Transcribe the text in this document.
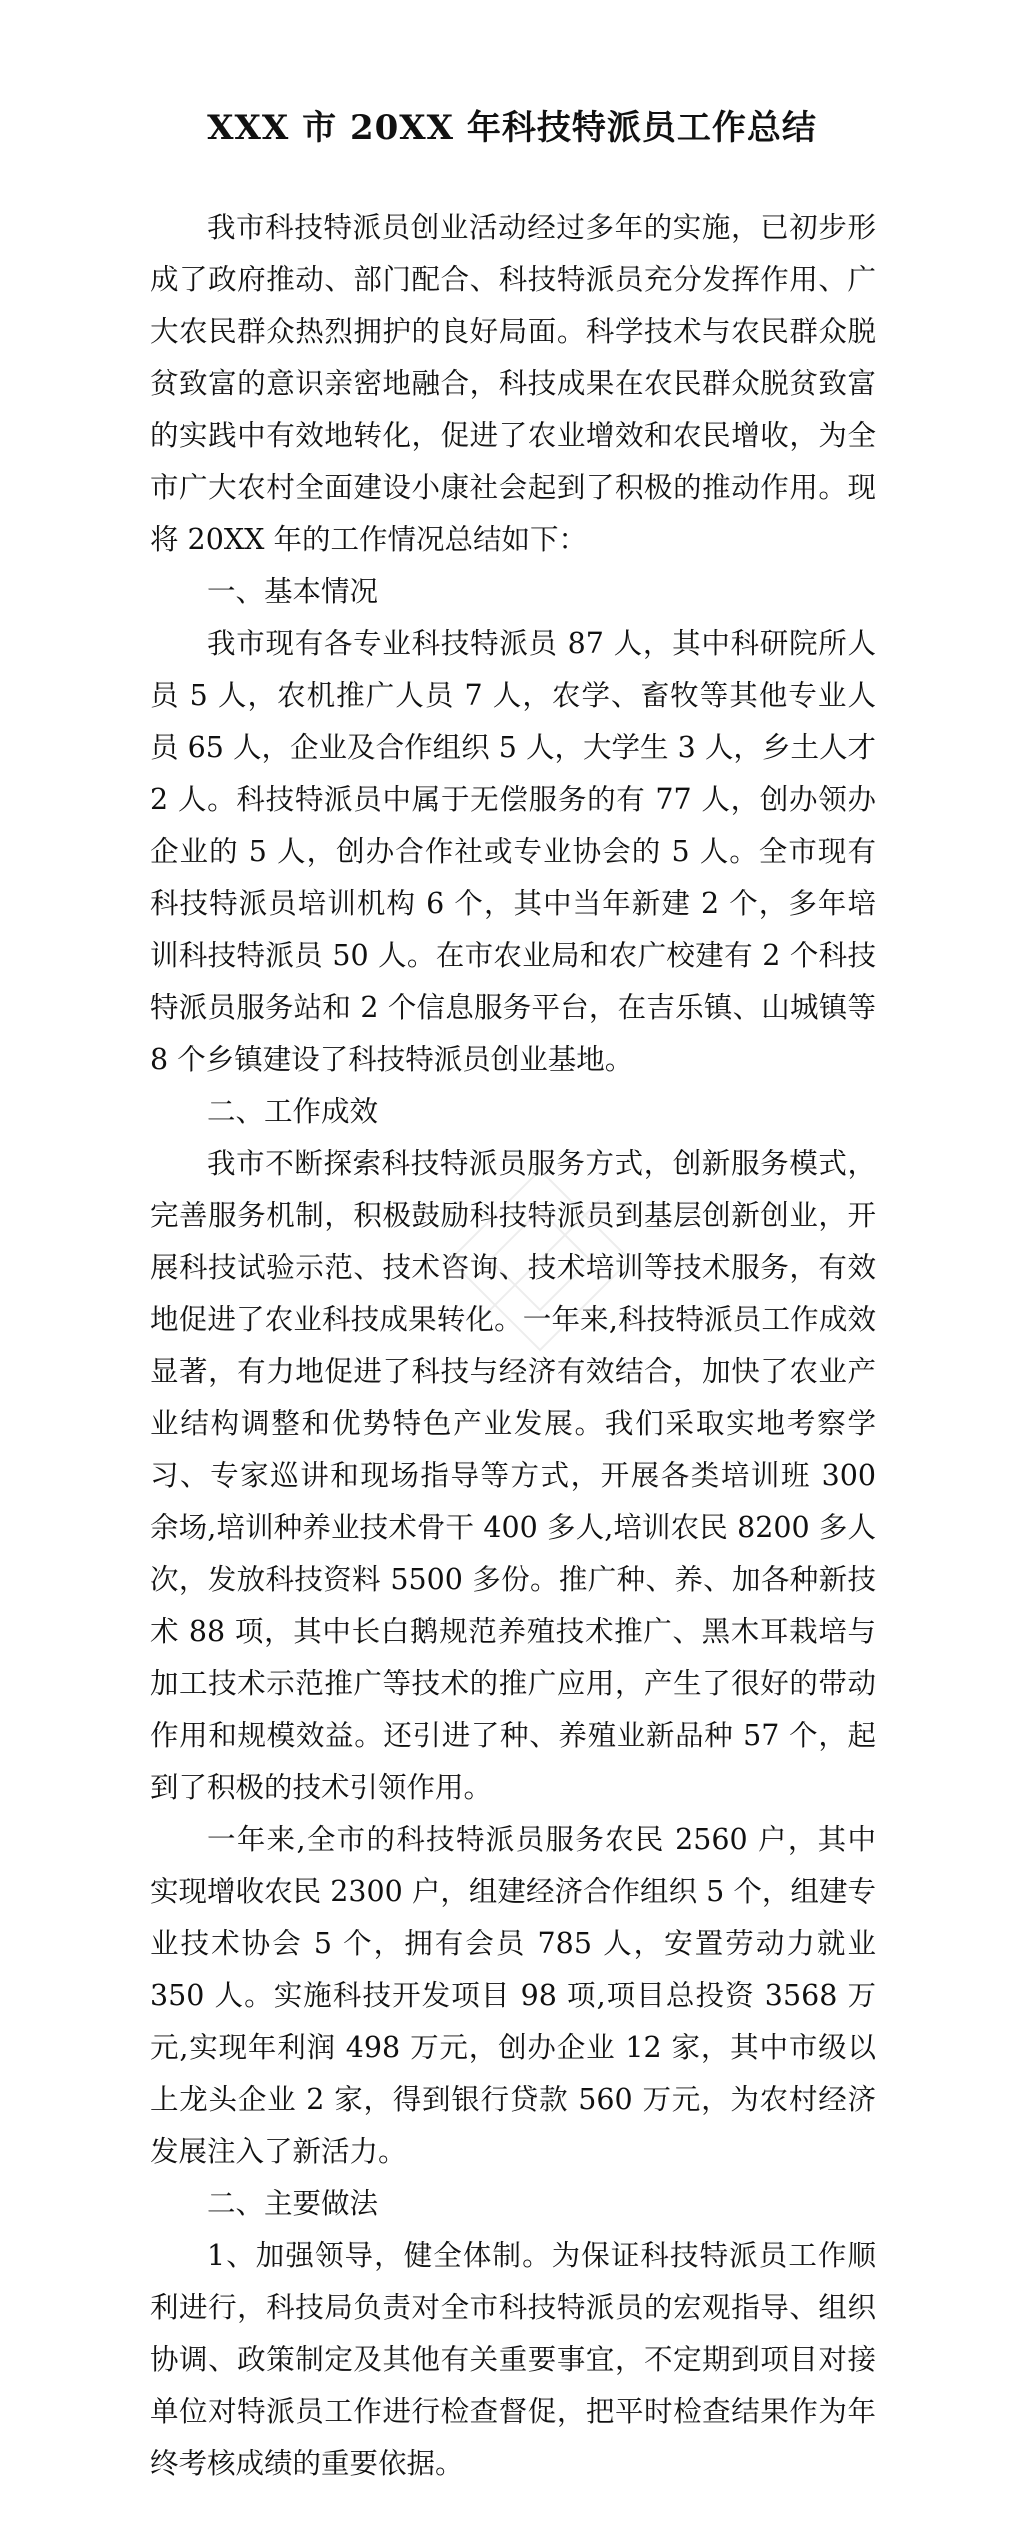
XXX 市 20XX 年科技特派员工作总结

我市科技特派员创业活动经过多年的实施，已初步形成了政府推动、部门配合、科技特派员充分发挥作用、广大农民群众热烈拥护的良好局面。科学技术与农民群众脱贫致富的意识亲密地融合，科技成果在农民群众脱贫致富的实践中有效地转化，促进了农业增效和农民增收，为全市广大农村全面建设小康社会起到了积极的推动作用。现将 20XX 年的工作情况总结如下：

一、基本情况

我市现有各专业科技特派员 87 人，其中科研院所人员 5 人，农机推广人员 7 人，农学、畜牧等其他专业人员 65 人，企业及合作组织 5 人，大学生 3 人，乡土人才 2 人。科技特派员中属于无偿服务的有 77 人，创办领办企业的 5 人，创办合作社或专业协会的 5 人。全市现有科技特派员培训机构 6 个，其中当年新建 2 个，多年培训科技特派员 50 人。在市农业局和农广校建有 2 个科技特派员服务站和 2 个信息服务平台，在吉乐镇、山城镇等 8 个乡镇建设了科技特派员创业基地。

二、工作成效

我市不断探索科技特派员服务方式，创新服务模式，完善服务机制，积极鼓励科技特派员到基层创新创业，开展科技试验示范、技术咨询、技术培训等技术服务，有效地促进了农业科技成果转化。一年来,科技特派员工作成效显著，有力地促进了科技与经济有效结合，加快了农业产业结构调整和优势特色产业发展。我们采取实地考察学习、专家巡讲和现场指导等方式，开展各类培训班 300 余场,培训种养业技术骨干 400 多人,培训农民 8200 多人次，发放科技资料 5500 多份。推广种、养、加各种新技术 88 项，其中长白鹅规范养殖技术推广、黑木耳栽培与加工技术示范推广等技术的推广应用，产生了很好的带动作用和规模效益。还引进了种、养殖业新品种 57 个，起到了积极的技术引领作用。

一年来,全市的科技特派员服务农民 2560 户，其中实现增收农民 2300 户，组建经济合作组织 5 个，组建专业技术协会 5 个，拥有会员 785 人，安置劳动力就业 350 人。实施科技开发项目 98 项,项目总投资 3568 万元,实现年利润 498 万元，创办企业 12 家，其中市级以上龙头企业 2 家，得到银行贷款 560 万元，为农村经济发展注入了新活力。

二、主要做法

1、加强领导，健全体制。为保证科技特派员工作顺利进行，科技局负责对全市科技特派员的宏观指导、组织协调、政策制定及其他有关重要事宜，不定期到项目对接单位对特派员工作进行检查督促，把平时检查结果作为年终考核成绩的重要依据。
